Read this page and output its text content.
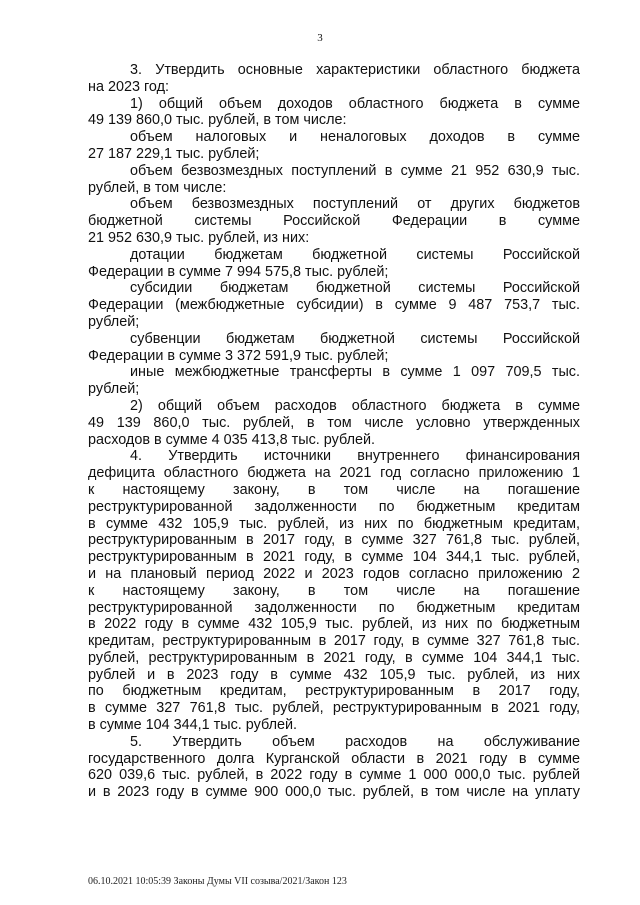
3
3. Утвердить основные характеристики областного бюджета
на 2023 год:
1) общий объем доходов областного бюджета в сумме
49 139 860,0 тыс. рублей, в том числе:
объем налоговых и неналоговых доходов в сумме
27 187 229,1 тыс. рублей;
объем безвозмездных поступлений в сумме 21 952 630,9 тыс.
рублей, в том числе:
объем безвозмездных поступлений от других бюджетов
бюджетной системы Российской Федерации в сумме
21 952 630,9 тыс. рублей, из них:
дотации бюджетам бюджетной системы Российской
Федерации в сумме 7 994 575,8 тыс. рублей;
субсидии бюджетам бюджетной системы Российской
Федерации (межбюджетные субсидии) в сумме 9 487 753,7 тыс.
рублей;
субвенции бюджетам бюджетной системы Российской
Федерации в сумме 3 372 591,9 тыс. рублей;
иные межбюджетные трансферты в сумме 1 097 709,5 тыс.
рублей;
2) общий объем расходов областного бюджета в сумме
49 139 860,0 тыс. рублей, в том числе условно утвержденных
расходов в сумме 4 035 413,8 тыс. рублей.
4. Утвердить источники внутреннего финансирования
дефицита областного бюджета на 2021 год согласно приложению 1
к настоящему закону, в том числе на погашение
реструктурированной задолженности по бюджетным кредитам
в сумме 432 105,9 тыс. рублей, из них по бюджетным кредитам,
реструктурированным в 2017 году, в сумме 327 761,8 тыс. рублей,
реструктурированным в 2021 году, в сумме 104 344,1 тыс. рублей,
и на плановый период 2022 и 2023 годов согласно приложению 2
к настоящему закону, в том числе на погашение
реструктурированной задолженности по бюджетным кредитам
в 2022 году в сумме 432 105,9 тыс. рублей, из них по бюджетным
кредитам, реструктурированным в 2017 году, в сумме 327 761,8 тыс.
рублей, реструктурированным в 2021 году, в сумме 104 344,1 тыс.
рублей и в 2023 году в сумме 432 105,9 тыс. рублей, из них
по бюджетным кредитам, реструктурированным в 2017 году,
в сумме 327 761,8 тыс. рублей, реструктурированным в 2021 году,
в сумме 104 344,1 тыс. рублей.
5. Утвердить объем расходов на обслуживание
государственного долга Курганской области в 2021 году в сумме
620 039,6 тыс. рублей, в 2022 году в сумме 1 000 000,0 тыс. рублей
и в 2023 году в сумме 900 000,0 тыс. рублей, в том числе на уплату
06.10.2021 10:05:39 Законы Думы VII созыва/2021/Закон 123
